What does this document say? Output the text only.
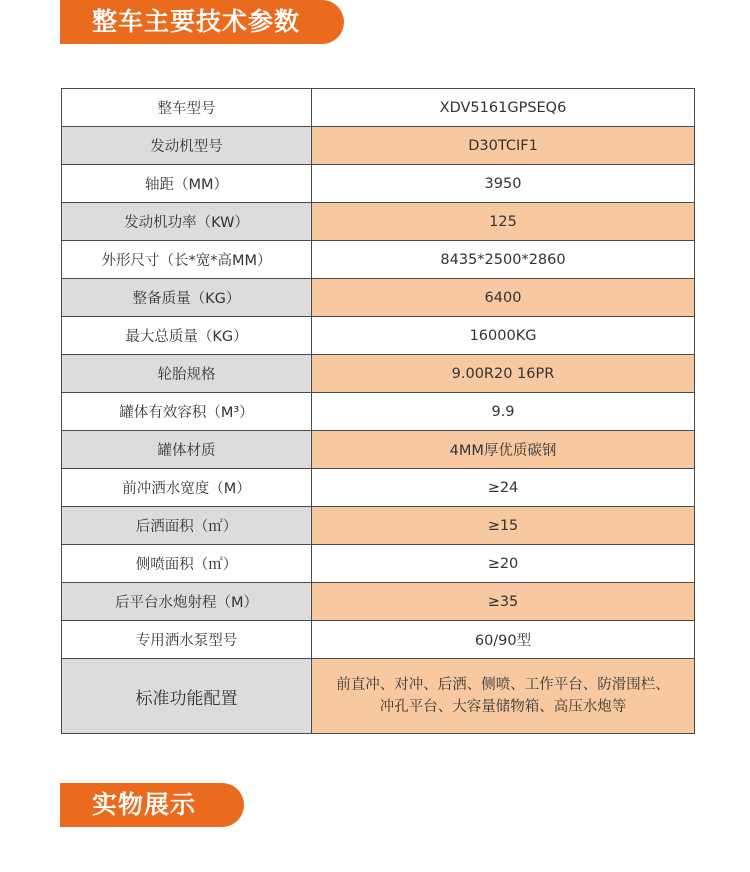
整车主要技术参数
整车型号	XDV5161GPSEQ6
发动机型号	D30TCIF1
轴距（MM）	3950
发动机功率（KW）	125
外形尺寸（长*宽*高MM）	8435*2500*2860
整备质量（KG）	6400
最大总质量（KG）	16000KG
轮胎规格	9.00R20 16PR
罐体有效容积（M³）	9.9
罐体材质	4MM厚优质碳钢
前冲洒水宽度（M）	≥24
后洒面积（㎡）	≥15
侧喷面积（㎡）	≥20
后平台水炮射程（M）	≥35
专用洒水泵型号	60/90型
标准功能配置	前直冲、对冲、后洒、侧喷、工作平台、防滑围栏、
冲孔平台、大容量储物箱、高压水炮等
实物展示
